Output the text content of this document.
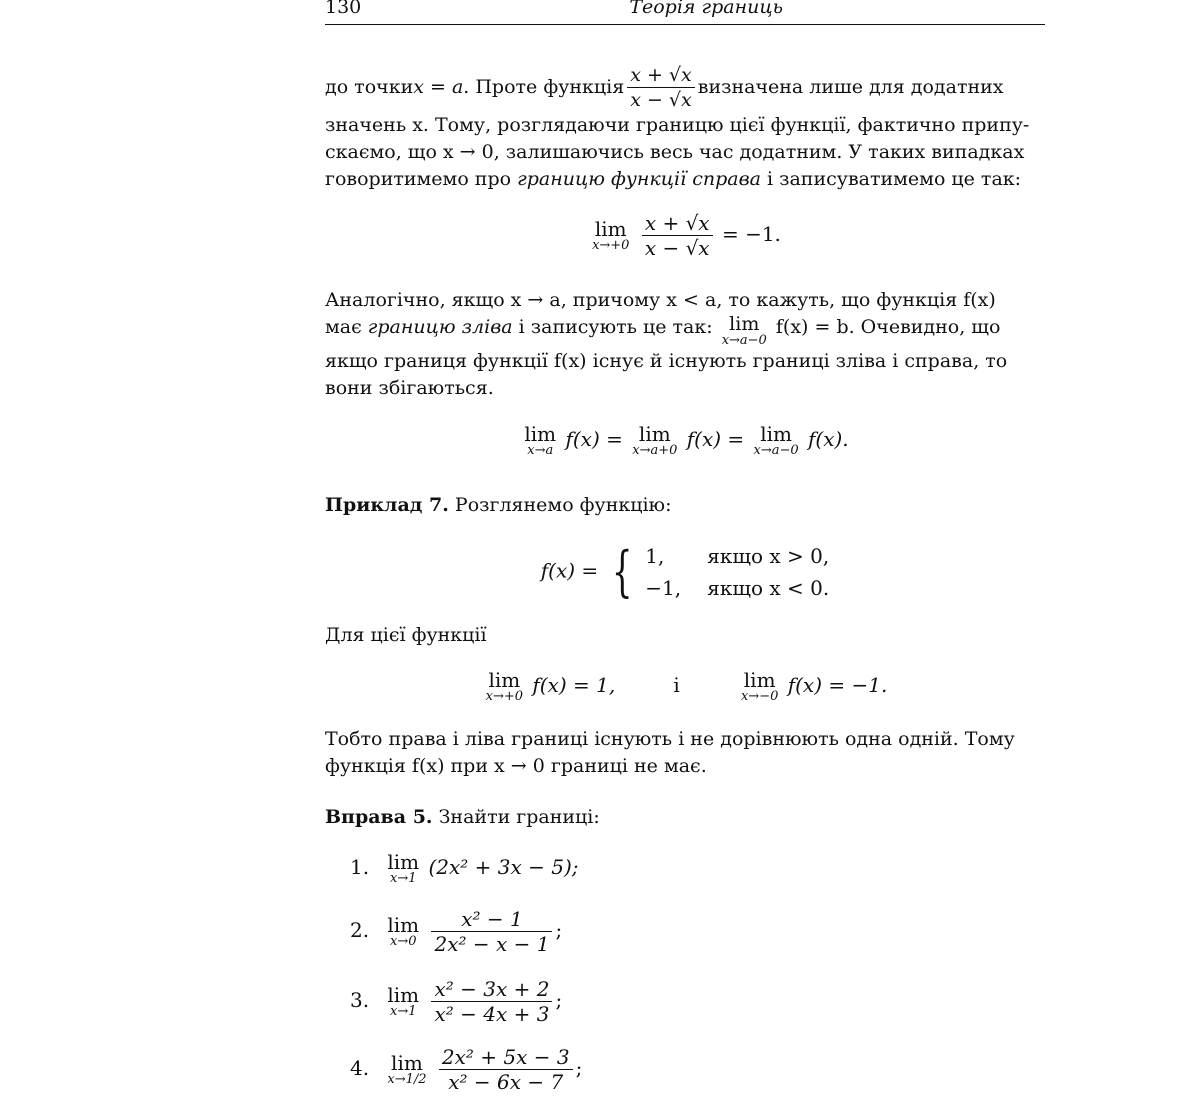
130	Теорія границь
до точки x = a . Проте функція $\frac{x + √x}{x - √x}$ визначена лише для додатних
значень x. Тому, розглядаючи границю цієї функції, фактично припу-
скаємо, що x → 0, залишаючись весь час додатним. У таких випадках
говоритимемо про границю функції справа і записуватимемо це так:
lim
x→+0
$\frac{x + √x}{x - √x} = -1$.
Аналогічно, якщо x → a, причому x < a, то кажуть, що функція f(x)
має границю зліва і записують це так: lim
x→a−0
f(x) = b. Очевидно, що
якщо границя функції f(x) існує й існують границі зліва і справа, то
вони збігаються.
lim
x→a f(x) = lim
x→a+0 f(x) = lim
x→a−0 f(x).
Приклад 7. Розглянемо функцію:
f(x) = { 1, якщо x > 0,
−1, якщо x < 0.
Для цієї функції
lim
x→+0 f(x) = 1,	і	lim
x→−0 f(x) = −1.
Тобто права і ліва границі існують і не дорівнюють одна одній. Тому
функція f(x) при x → 0 границі не має.
Вправа 5. Знайти границі:
1. lim
x→1 (2x² + 3x − 5);
2. lim
x→0
$\frac{\text{x² − 1}}{\text{2x² − x − 1}}$ ;
3. lim
x→1
$\frac{\text{x² − 3x + 2}}{\text{x² − 4x + 3}}$ ;
4. lim
x→1/2
$\frac{\text{2x² + 5x − 3}}{\text{x² − 6x − 7}}$ ;
